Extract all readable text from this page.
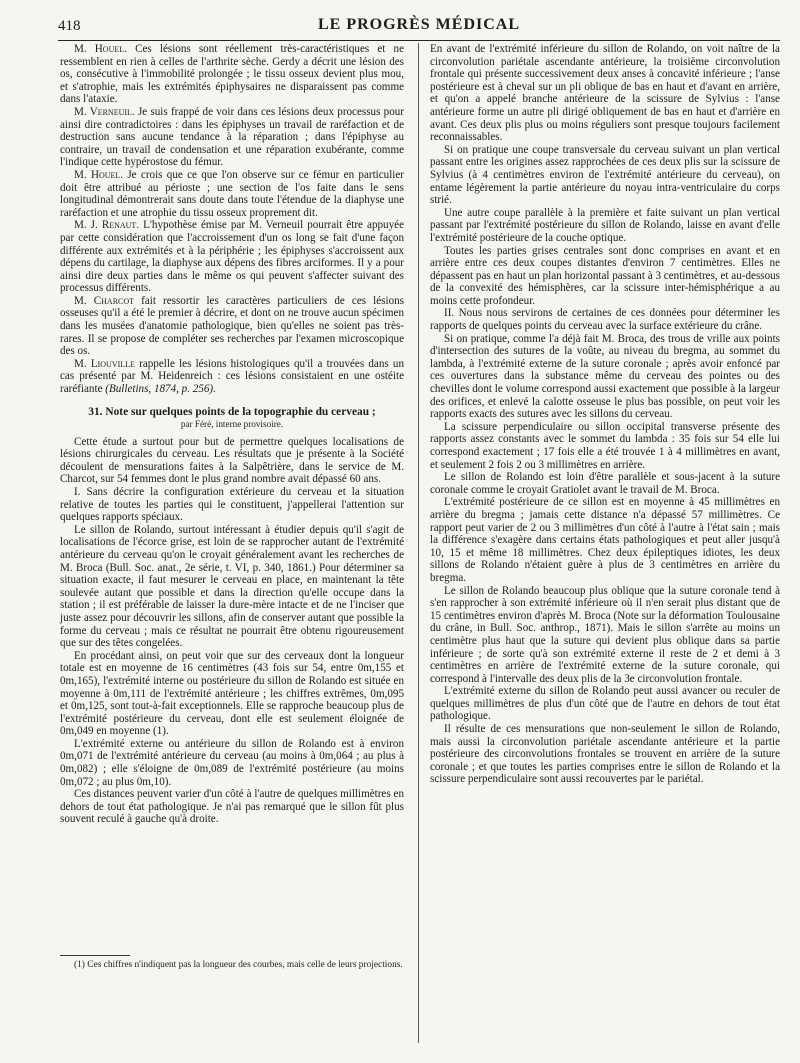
418	LE PROGRÈS MÉDICAL

M. Houel. Ces lésions sont réellement très-caractéristiques et ne ressemblent en rien à celles de l'arthrite sèche. Gerdy a décrit une lésion des os, consécutive à l'immobilité prolongée ; le tissu osseux devient plus mou, et s'atrophie, mais les extrémités épiphysaires ne disparaissent pas comme dans l'ataxie.

M. Verneuil. Je suis frappé de voir dans ces lésions deux processus pour ainsi dire contradictoires : dans les épiphyses un travail de raréfaction et de destruction sans aucune tendance à la réparation ; dans l'épiphyse au contraire, un travail de condensation et une réparation exubérante, comme l'indique cette hypérostose du fémur.

M. Houel. Je crois que ce que l'on observe sur ce fémur en particulier doit être attribué au périoste ; une section de l'os faite dans le sens longitudinal démontrerait sans doute dans toute l'étendue de la diaphyse une raréfaction et une atrophie du tissu osseux proprement dit.

M. J. Renaut. L'hypothèse émise par M. Verneuil pourrait être appuyée par cette considération que l'accroissement d'un os long se fait d'une façon différente aux extrémités et à la périphérie ; les épiphyses s'accroissent aux dépens du cartilage, la diaphyse aux dépens des fibres arciformes. Il y a pour ainsi dire deux parties dans le même os qui peuvent s'affecter suivant des processus différents.

M. Charcot fait ressortir les caractères particuliers de ces lésions osseuses qu'il a été le premier à décrire, et dont on ne trouve aucun spécimen dans les musées d'anatomie pathologique, bien qu'elles ne soient pas très-rares. Il se propose de compléter ses recherches par l'examen microscopique des os.

M. Liouville rappelle les lésions histologiques qu'il a trouvées dans un cas présenté par M. Heidenreich : ces lésions consistaient en une ostéite raréfiante (Bulletins, 1874, p. 256).

31. Note sur quelques points de la topographie du cerveau ;
par Féré, interne provisoire.

Cette étude a surtout pour but de permettre quelques localisations de lésions chirurgicales du cerveau. Les résultats que je présente à la Société découlent de mensurations faites à la Salpêtrière, dans le service de M. Charcot, sur 54 femmes dont le plus grand nombre avait dépassé 60 ans.

I. Sans décrire la configuration extérieure du cerveau et la situation relative de toutes les parties qui le constituent, j'appellerai l'attention sur quelques rapports spéciaux.

Le sillon de Rolando, surtout intéressant à étudier depuis qu'il s'agit de localisations de l'écorce grise, est loin de se rapprocher autant de l'extrémité antérieure du cerveau qu'on le croyait généralement avant les recherches de M. Broca (Bull. Soc. anat., 2e série, t. VI, p. 340, 1861.) Pour déterminer sa situation exacte, il faut mesurer le cerveau en place, en maintenant la tête soulevée autant que possible et dans la direction qu'elle occupe dans la station ; il est préférable de laisser la dure-mère intacte et de ne l'inciser que juste assez pour découvrir les sillons, afin de conserver autant que possible la forme du cerveau ; mais ce résultat ne pourrait être obtenu rigoureusement que sur des têtes congelées.

En procédant ainsi, on peut voir que sur des cerveaux dont la longueur totale est en moyenne de 16 centimètres (43 fois sur 54, entre 0m,155 et 0m,165), l'extrémité interne ou postérieure du sillon de Rolando est située en moyenne à 0m,111 de l'extrémité antérieure ; les chiffres extrêmes, 0m,095 et 0m,125, sont tout-à-fait exceptionnels. Elle se rapproche beaucoup plus de l'extrémité postérieure du cerveau, dont elle est seulement éloignée de 0m,049 en moyenne (1).

L'extrémité externe ou antérieure du sillon de Rolando est à environ 0m,071 de l'extrémité antérieure du cerveau (au moins à 0m,064 ; au plus à 0m,082) ; elle s'éloigne de 0m,089 de l'extrémité postérieure (au moins 0m,072 ; au plus 0m,10).

Ces distances peuvent varier d'un côté à l'autre de quelques millimètres en dehors de tout état pathologique. Je n'ai pas remarqué que le sillon fût plus souvent reculé à gauche qu'à droite.

(1) Ces chiffres n'indiquent pas la longueur des courbes, mais celle de leurs projections.

En avant de l'extrémité inférieure du sillon de Rolando, on voit naître de la circonvolution pariétale ascendante antérieure, la troisième circonvolution frontale qui présente successivement deux anses à concavité inférieure ; l'anse postérieure est à cheval sur un pli oblique de bas en haut et d'avant en arrière, et qu'on a appelé branche antérieure de la scissure de Sylvius : l'anse antérieure forme un autre pli dirigé obliquement de bas en haut et d'arrière en avant. Ces deux plis plus ou moins réguliers sont presque toujours facilement reconnaissables.

Si on pratique une coupe transversale du cerveau suivant un plan vertical passant entre les origines assez rapprochées de ces deux plis sur la scissure de Sylvius (à 4 centimètres environ de l'extrémité antérieure du cerveau), on entame légèrement la partie antérieure du noyau intra-ventriculaire du corps strié.

Une autre coupe parallèle à la première et faite suivant un plan vertical passant par l'extrémité postérieure du sillon de Rolando, laisse en avant d'elle l'extrémité postérieure de la couche optique.

Toutes les parties grises centrales sont donc comprises en avant et en arrière entre ces deux coupes distantes d'environ 7 centimètres. Elles ne dépassent pas en haut un plan horizontal passant à 3 centimètres, et au-dessous de la convexité des hémisphères, car la scissure inter-hémisphérique a au moins cette profondeur.

II. Nous nous servirons de certaines de ces données pour déterminer les rapports de quelques points du cerveau avec la surface extérieure du crâne.

Si on pratique, comme l'a déjà fait M. Broca, des trous de vrille aux points d'intersection des sutures de la voûte, au niveau du bregma, au sommet du lambda, à l'extrémité externe de la suture coronale ; après avoir enfoncé par ces ouvertures dans la substance même du cerveau des pointes ou des chevilles dont le volume correspond aussi exactement que possible à la largeur des orifices, et enlevé la calotte osseuse le plus bas possible, on peut voir les rapports exacts des sutures avec les sillons du cerveau.

La scissure perpendiculaire ou sillon occipital transverse présente des rapports assez constants avec le sommet du lambda : 35 fois sur 54 elle lui correspond exactement ; 17 fois elle a été trouvée 1 à 4 millimètres en avant, et seulement 2 fois 2 ou 3 millimètres en arrière.

Le sillon de Rolando est loin d'être parallèle et sous-jacent à la suture coronale comme le croyait Gratiolet avant le travail de M. Broca.

L'extrémité postérieure de ce sillon est en moyenne à 45 millimètres en arrière du bregma ; jamais cette distance n'a dépassé 57 millimètres. Ce rapport peut varier de 2 ou 3 millimètres d'un côté à l'autre à l'état sain ; mais la différence s'exagère dans certains états pathologiques et peut aller jusqu'à 10, 15 et même 18 millimètres. Chez deux épileptiques idiotes, les deux sillons de Rolando n'étaient guère à plus de 3 centimètres en arrière du bregma.

Le sillon de Rolando beaucoup plus oblique que la suture coronale tend à s'en rapprocher à son extrémité inférieure où il n'en serait plus distant que de 15 centimètres environ d'après M. Broca (Note sur la déformation Toulousaine du crâne, in Bull. Soc. anthrop., 1871). Mais le sillon s'arrête au moins un centimètre plus haut que la suture qui devient plus oblique dans sa partie inférieure ; de sorte qu'à son extrémité externe il reste de 2 et demi à 3 centimètres en arrière de l'extrémité externe de la suture coronale, qui correspond à l'intervalle des deux plis de la 3e circonvolution frontale.

L'extrémité externe du sillon de Rolando peut aussi avancer ou reculer de quelques millimètres de plus d'un côté que de l'autre en dehors de tout état pathologique.

Il résulte de ces mensurations que non-seulement le sillon de Rolando, mais aussi la circonvolution pariétale ascendante antérieure et la partie postérieure des circonvolutions frontales se trouvent en arrière de la suture coronale ; et que toutes les parties comprises entre le sillon de Rolando et la scissure perpendiculaire sont aussi recouvertes par le pariétal.
